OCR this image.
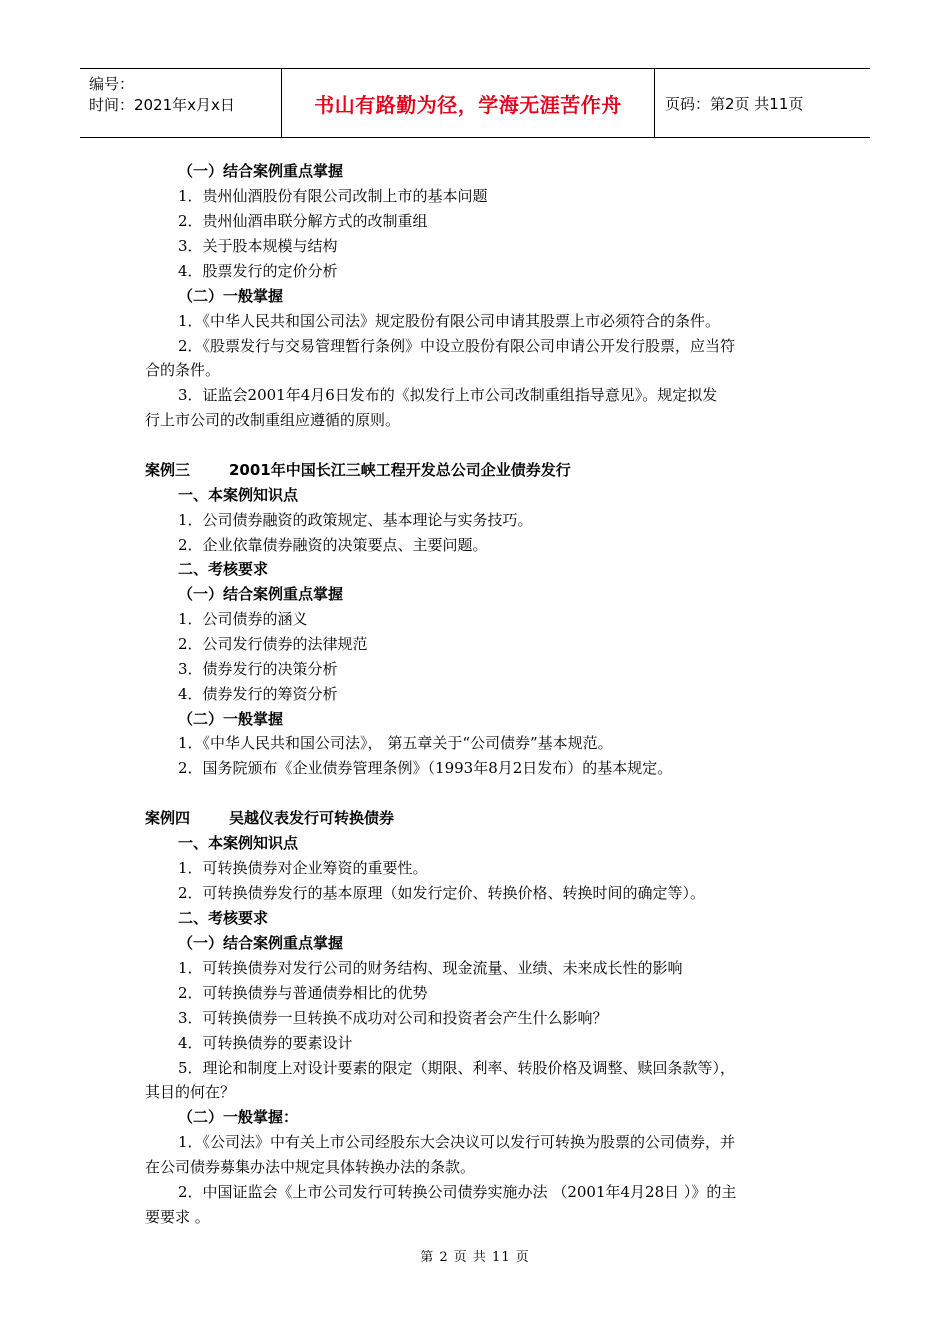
编号：
时间：2021年x月x日	书山有路勤为径，学海无涯苦作舟	页码：第2页 共11页
（一）结合案例重点掌握
1．贵州仙酒股份有限公司改制上市的基本问题
2．贵州仙酒串联分解方式的改制重组
3．关于股本规模与结构
4．股票发行的定价分析
（二）一般掌握
1．《中华人民共和国公司法》规定股份有限公司申请其股票上市必须符合的条件。
2．《股票发行与交易管理暂行条例》中设立股份有限公司申请公开发行股票，应当符
合的条件。
3．证监会2001年4月6日发布的《拟发行上市公司改制重组指导意见》。规定拟发
行上市公司的改制重组应遵循的原则。
案例三	2001年中国长江三峡工程开发总公司企业债券发行
一、本案例知识点
1．公司债券融资的政策规定、基本理论与实务技巧。
2．企业依靠债券融资的决策要点、主要问题。
二、考核要求
（一）结合案例重点掌握
1．公司债券的涵义
2．公司发行债券的法律规范
3．债券发行的决策分析
4．债券发行的筹资分析
（二）一般掌握
1．《中华人民共和国公司法》， 第五章关于“公司债券”基本规范。
2．国务院颁布《企业债券管理条例》（1993年8月2日发布）的基本规定。
案例四	吴越仪表发行可转换债券
一、本案例知识点
1．可转换债券对企业筹资的重要性。
2．可转换债券发行的基本原理（如发行定价、转换价格、转换时间的确定等）。
二、考核要求
（一）结合案例重点掌握
1．可转换债券对发行公司的财务结构、现金流量、业绩、未来成长性的影响
2．可转换债券与普通债券相比的优势
3．可转换债券一旦转换不成功对公司和投资者会产生什么影响？
4．可转换债券的要素设计
5．理论和制度上对设计要素的限定（期限、利率、转股价格及调整、赎回条款等），
其目的何在？
（二）一般掌握：
1．《公司法》中有关上市公司经股东大会决议可以发行可转换为股票的公司债券，并
在公司债券募集办法中规定具体转换办法的条款。
2．中国证监会《上市公司发行可转换公司债券实施办法 （2001年4月28日 ）》的主
要要求 。
第 2 页 共 11 页
